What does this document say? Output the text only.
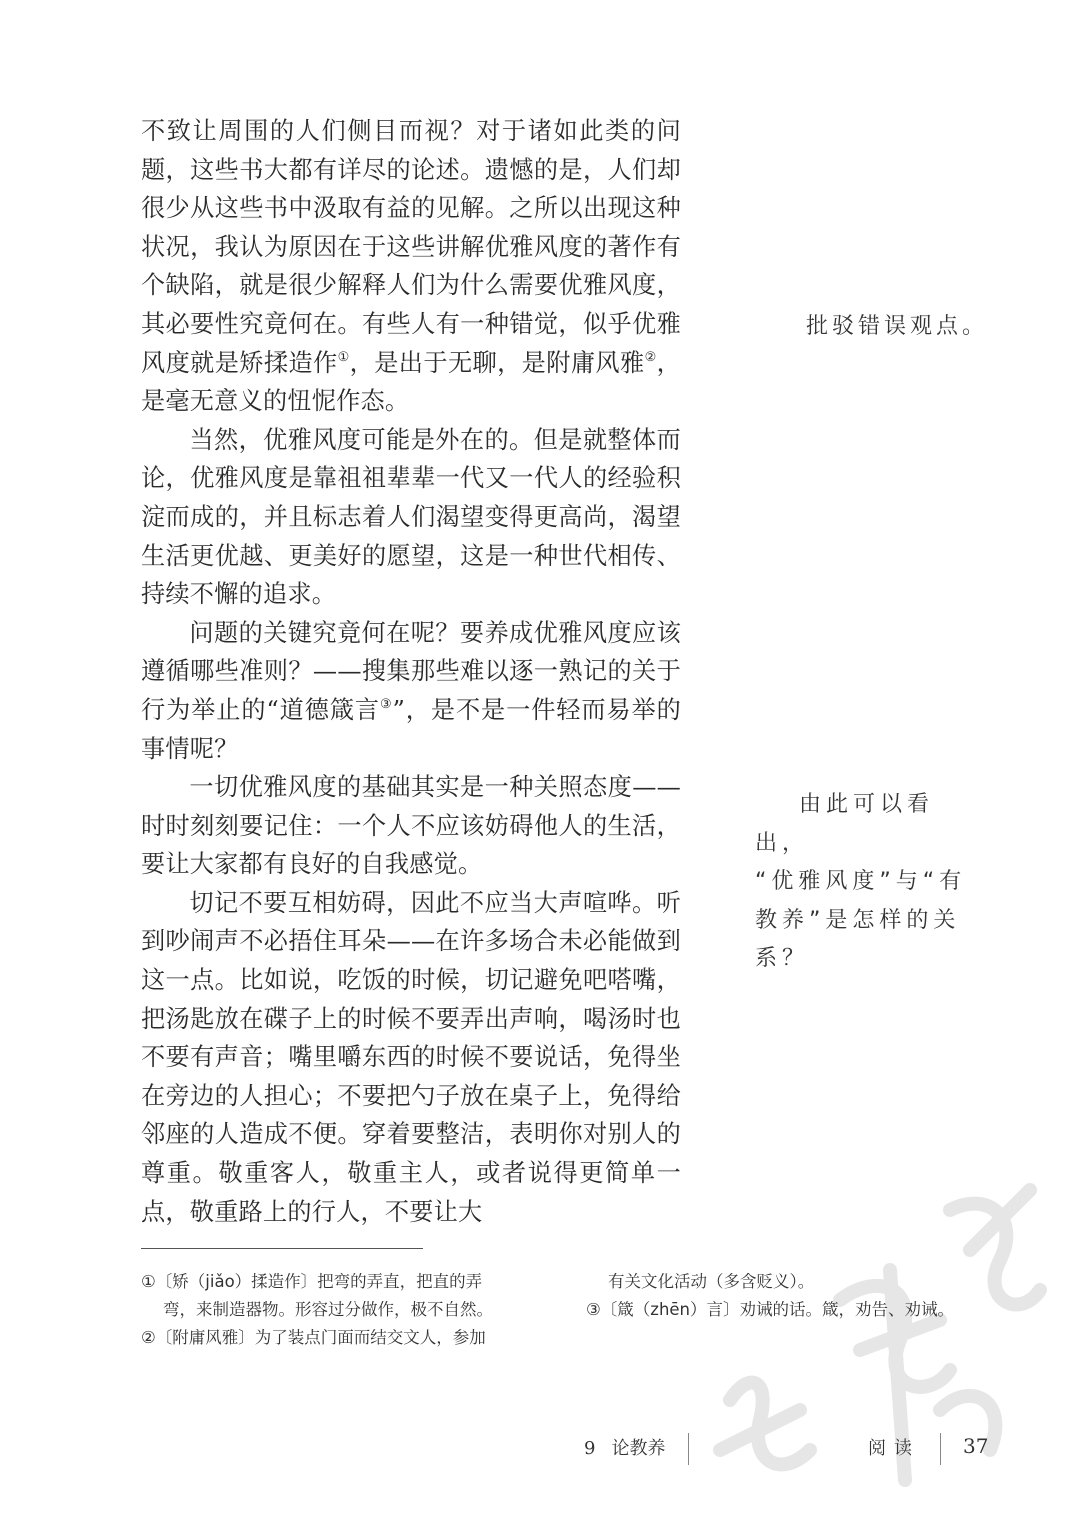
不致让周围的人们侧目而视？对于诸如此类的问题，这些书大都有详尽的论述。遗憾的是，人们却很少从这些书中汲取有益的见解。之所以出现这种状况，我认为原因在于这些讲解优雅风度的著作有个缺陷，就是很少解释人们为什么需要优雅风度，其必要性究竟何在。有些人有一种错觉，似乎优雅风度就是矫揉造作①，是出于无聊，是附庸风雅②，是毫无意义的忸怩作态。

当然，优雅风度可能是外在的。但是就整体而论，优雅风度是靠祖祖辈辈一代又一代人的经验积淀而成的，并且标志着人们渴望变得更高尚，渴望生活更优越、更美好的愿望，这是一种世代相传、持续不懈的追求。

问题的关键究竟何在呢？要养成优雅风度应该遵循哪些准则？——搜集那些难以逐一熟记的关于行为举止的“道德箴言③”，是不是一件轻而易举的事情呢？

一切优雅风度的基础其实是一种关照态度——时时刻刻要记住：一个人不应该妨碍他人的生活，要让大家都有良好的自我感觉。

切记不要互相妨碍，因此不应当大声喧哗。听到吵闹声不必捂住耳朵——在许多场合未必能做到这一点。比如说，吃饭的时候，切记避免吧嗒嘴，把汤匙放在碟子上的时候不要弄出声响，喝汤时也不要有声音；嘴里嚼东西的时候不要说话，免得坐在旁边的人担心；不要把勺子放在桌子上，免得给邻座的人造成不便。穿着要整洁，表明你对别人的尊重。敬重客人，敬重主人，或者说得更简单一点，敬重路上的行人，不要让大

批驳错误观点。
由此可以看出，
“优雅风度”与“有教养”是怎样的关系？

①〔矫（jiǎo）揉造作〕把弯的弄直，把直的弄
弯，来制造器物。形容过分做作，极不自然。

②〔附庸风雅〕为了装点门面而结交文人，参加

有关文化活动（多含贬义）。

③〔箴（zhēn）言〕劝诫的话。箴，劝告、劝诫。

9 论教养	阅读 37
